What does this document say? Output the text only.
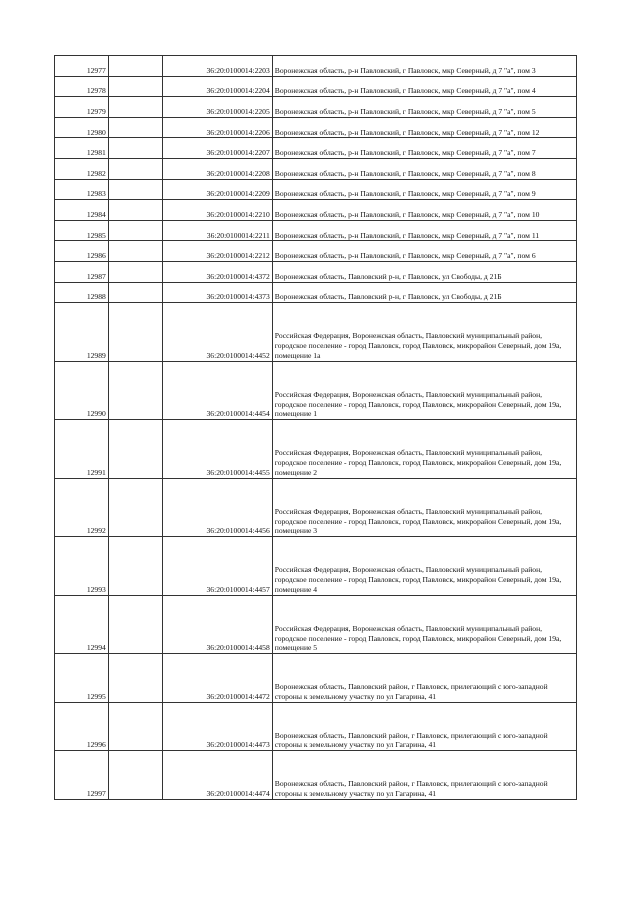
12977		36:20:0100014:2203	Воронежская область, р-н Павловский, г Павловск, мкр Северный, д 7 "а", пом 3
12978		36:20:0100014:2204	Воронежская область, р-н Павловский, г Павловск, мкр Северный, д 7 "а", пом 4
12979		36:20:0100014:2205	Воронежская область, р-н Павловский, г Павловск, мкр Северный, д 7 "а", пом 5
12980		36:20:0100014:2206	Воронежская область, р-н Павловский, г Павловск, мкр Северный, д 7 "а", пом 12
12981		36:20:0100014:2207	Воронежская область, р-н Павловский, г Павловск, мкр Северный, д 7 "а", пом 7
12982		36:20:0100014:2208	Воронежская область, р-н Павловский, г Павловск, мкр Северный, д 7 "а", пом 8
12983		36:20:0100014:2209	Воронежская область, р-н Павловский, г Павловск, мкр Северный, д 7 "а", пом 9
12984		36:20:0100014:2210	Воронежская область, р-н Павловский, г Павловск, мкр Северный, д 7 "а", пом 10
12985		36:20:0100014:2211	Воронежская область, р-н Павловский, г Павловск, мкр Северный, д 7 "а", пом 11
12986		36:20:0100014:2212	Воронежская область, р-н Павловский, г Павловск, мкр Северный, д 7 "а", пом 6
12987		36:20:0100014:4372	Воронежская область, Павловский р-н, г Павловск, ул Свободы, д 21Б
12988		36:20:0100014:4373	Воронежская область, Павловский р-н, г Павловск, ул Свободы, д 21Б
12989		36:20:0100014:4452	Российская Федерация, Воронежская область, Павловский муниципальный район, городское поселение - город Павловск, город Павловск, микрорайон Северный, дом 19а, помещение 1а
12990		36:20:0100014:4454	Российская Федерация, Воронежская область, Павловский муниципальный район, городское поселение - город Павловск, город Павловск, микрорайон Северный, дом 19а, помещение 1
12991		36:20:0100014:4455	Российская Федерация, Воронежская область, Павловский муниципальный район, городское поселение - город Павловск, город Павловск, микрорайон Северный, дом 19а, помещение 2
12992		36:20:0100014:4456	Российская Федерация, Воронежская область, Павловский муниципальный район, городское поселение - город Павловск, город Павловск, микрорайон Северный, дом 19а, помещение 3
12993		36:20:0100014:4457	Российская Федерация, Воронежская область, Павловский муниципальный район, городское поселение - город Павловск, город Павловск, микрорайон Северный, дом 19а, помещение 4
12994		36:20:0100014:4458	Российская Федерация, Воронежская область, Павловский муниципальный район, городское поселение - город Павловск, город Павловск, микрорайон Северный, дом 19а, помещение 5
12995		36:20:0100014:4472	Воронежская область, Павловский район, г Павловск, прилегающий с юго-западной стороны к земельному участку по ул Гагарина, 41
12996		36:20:0100014:4473	Воронежская область, Павловский район, г Павловск, прилегающий с юго-западной стороны к земельному участку по ул Гагарина, 41
12997		36:20:0100014:4474	Воронежская область, Павловский район, г Павловск, прилегающий с юго-западной стороны к земельному участку по ул Гагарина, 41
